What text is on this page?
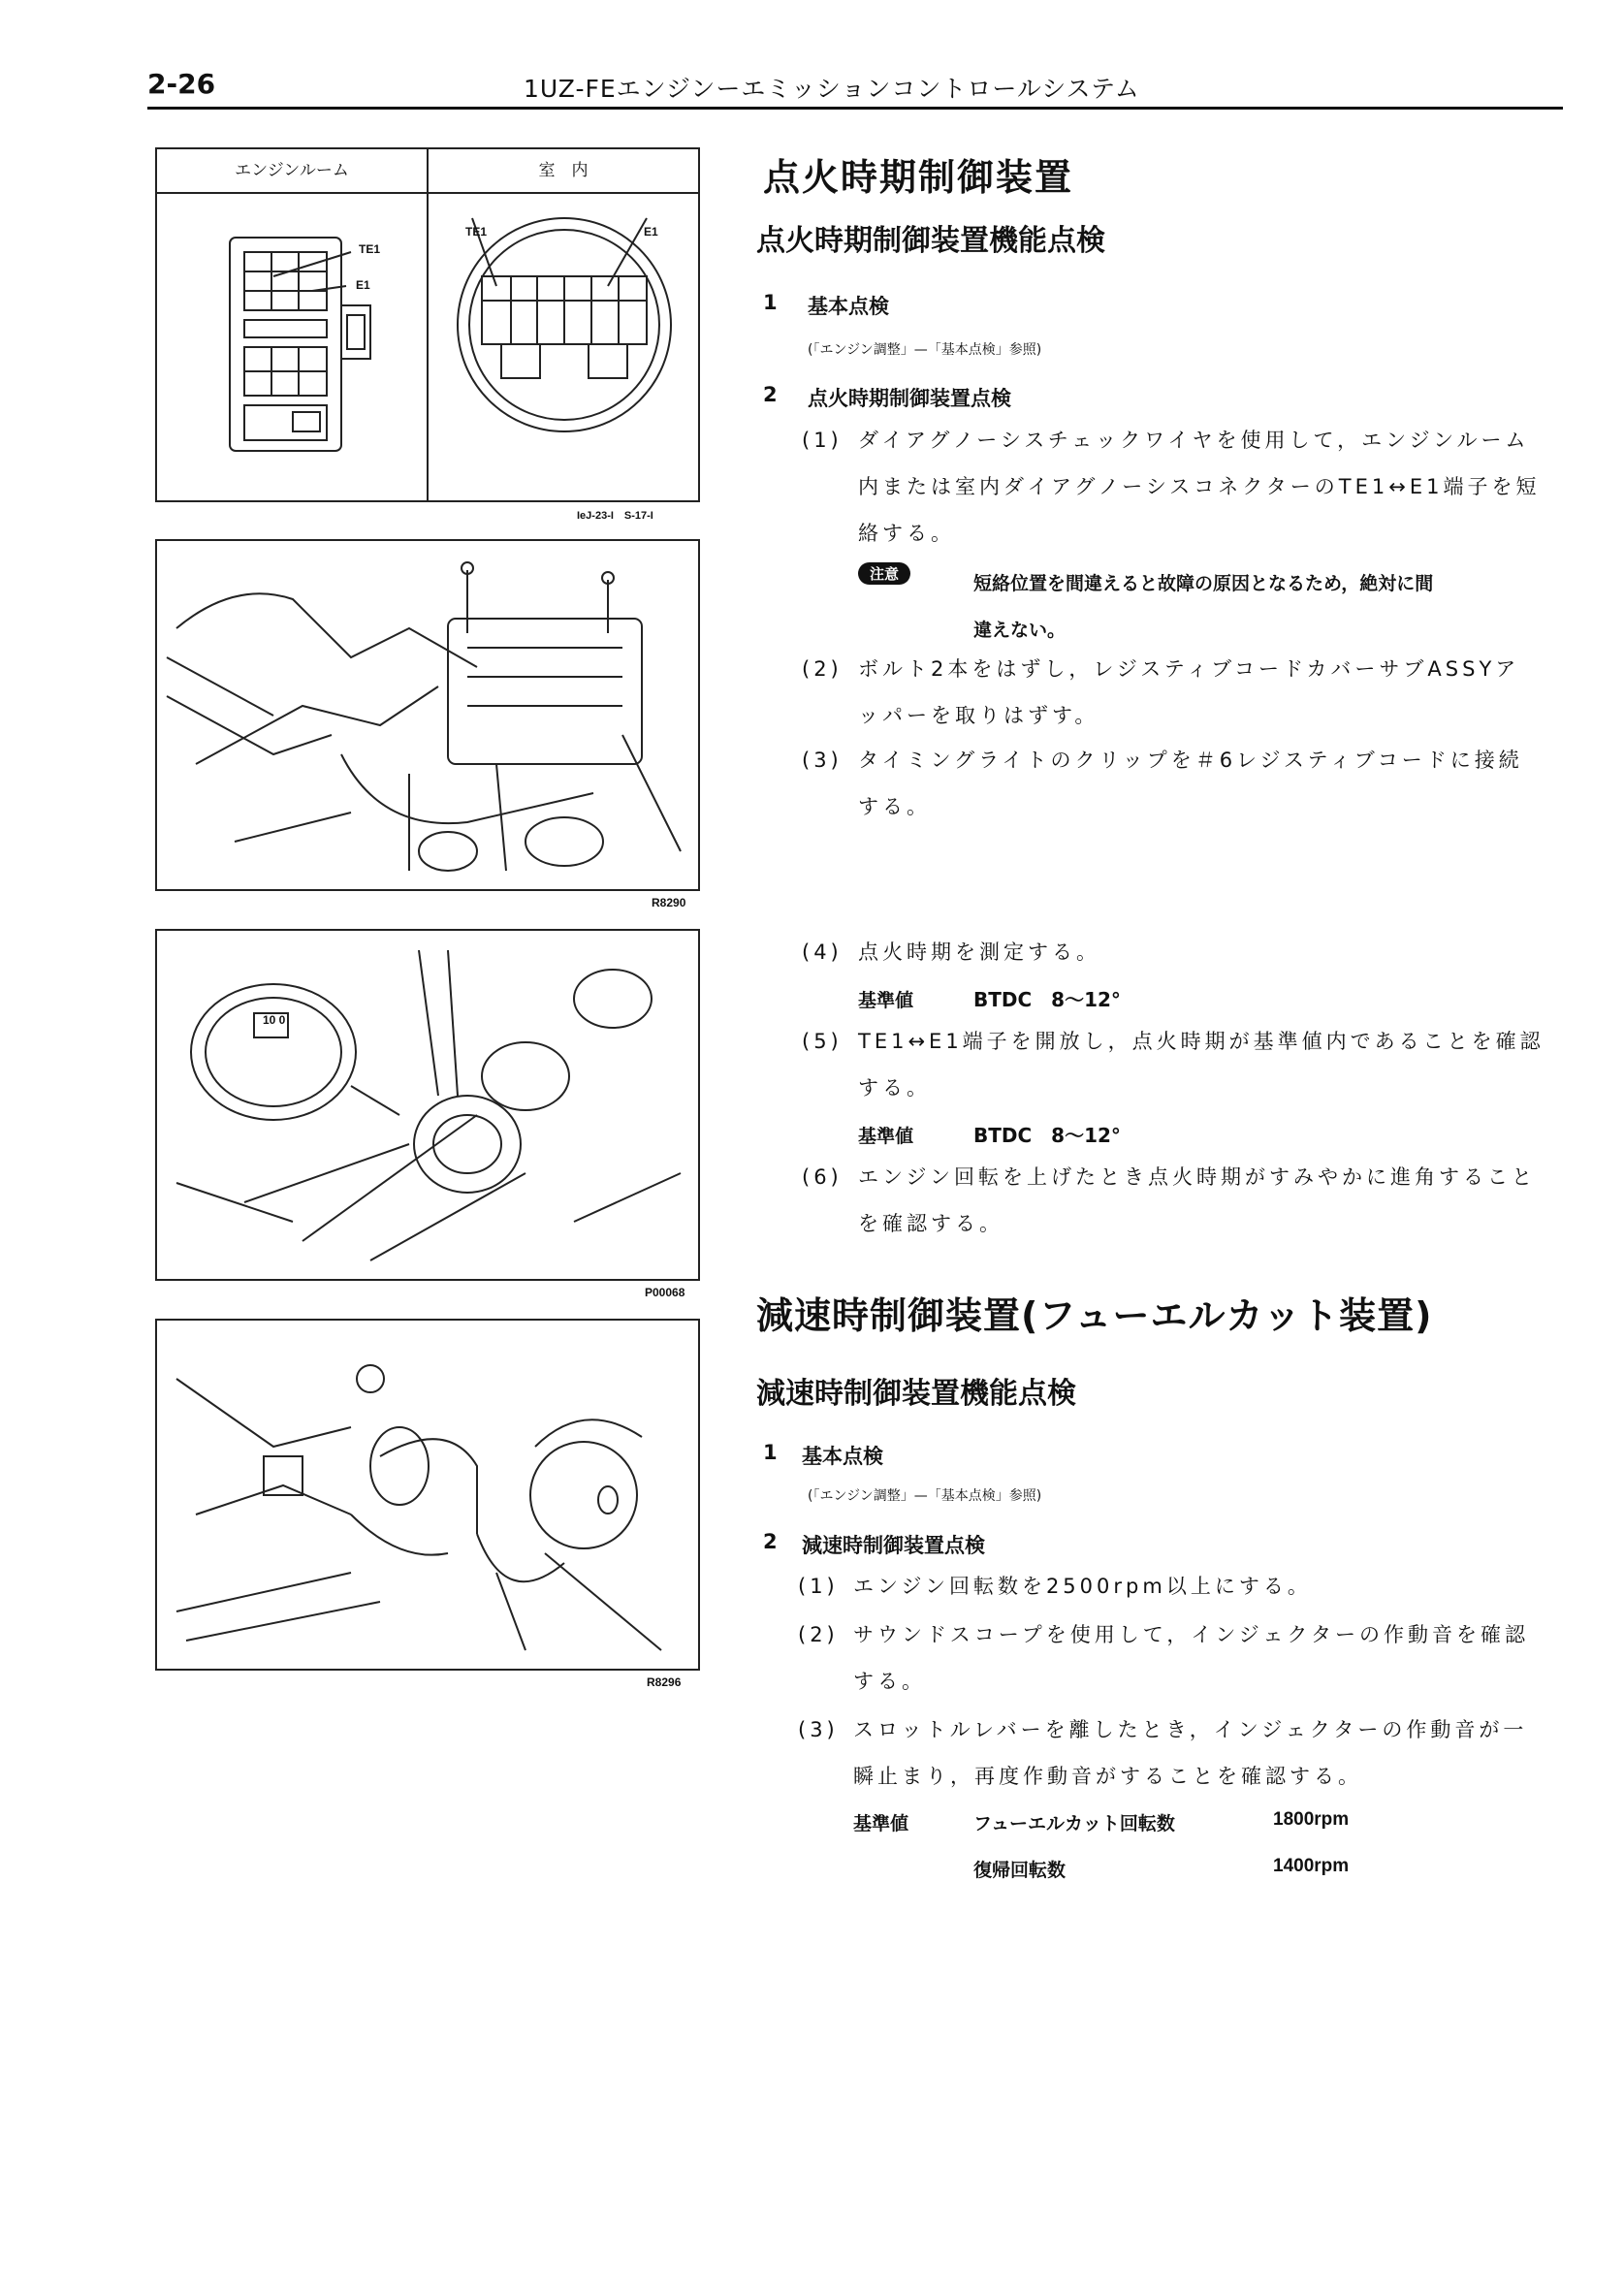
2-26	1UZ-FEエンジンーエミッションコントロールシステム
エンジンルーム	室　内
TE1
E1
TE1	E1
IeJ-23-I　S-17-I
R8290
10 0
P00068
R8296
点火時期制御装置
点火時期制御装置機能点検
1 基本点検
(「エンジン調整」—「基本点検」参照)
2 点火時期制御装置点検
(1) ダイアグノーシスチェックワイヤを使用して，エンジンルーム
内または室内ダイアグノーシスコネクターのTE1↔E1端子を短
絡する。
注意	短絡位置を間違えると故障の原因となるため，絶対に間
違えない。
(2) ボルト2本をはずし，レジスティブコードカバーサブASSYア
ッパーを取りはずす。
(3) タイミングライトのクリップを＃6レジスティブコードに接続
する。
(4) 点火時期を測定する。
基準値	BTDC　8～12°
(5) TE1↔E1端子を開放し，点火時期が基準値内であることを確認
する。
基準値	BTDC　8～12°
(6) エンジン回転を上げたとき点火時期がすみやかに進角すること
を確認する。
減速時制御装置(フューエルカット装置)
減速時制御装置機能点検
1 基本点検
(「エンジン調整」—「基本点検」参照)
2 減速時制御装置点検
(1) エンジン回転数を2500rpm以上にする。
(2) サウンドスコープを使用して，インジェクターの作動音を確認
する。
(3) スロットルレバーを離したとき，インジェクターの作動音が一
瞬止まり，再度作動音がすることを確認する。
基準値	フューエルカット回転数	1800rpm
復帰回転数	1400rpm
